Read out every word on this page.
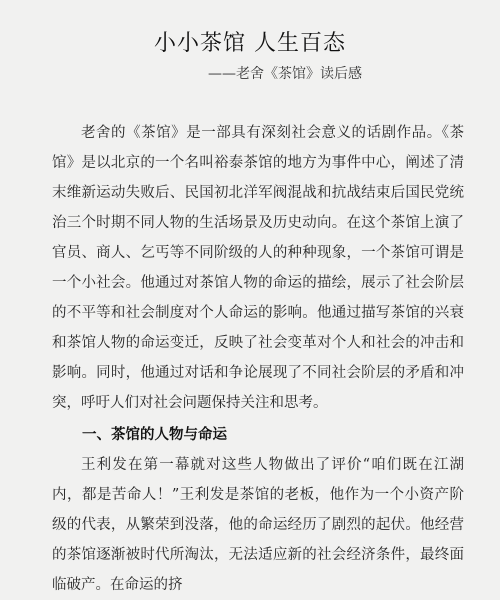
小小茶馆 人生百态
——老舍《茶馆》读后感

老舍的《茶馆》是一部具有深刻社会意义的话剧作品。《茶馆》是以北京的一个名叫裕泰茶馆的地方为事件中心，阐述了清末维新运动失败后、民国初北洋军阀混战和抗战结束后国民党统治三个时期不同人物的生活场景及历史动向。在这个茶馆上演了官员、商人、乞丐等不同阶级的人的种种现象，一个茶馆可谓是一个小社会。他通过对茶馆人物的命运的描绘，展示了社会阶层的不平等和社会制度对个人命运的影响。他通过描写茶馆的兴衰和茶馆人物的命运变迁，反映了社会变革对个人和社会的冲击和影响。同时，他通过对话和争论展现了不同社会阶层的矛盾和冲突，呼吁人们对社会问题保持关注和思考。

一、茶馆的人物与命运

王利发在第一幕就对这些人物做出了评价“咱们既在江湖内，都是苦命人！”王利发是茶馆的老板，他作为一个小资产阶级的代表，从繁荣到没落，他的命运经历了剧烈的起伏。他经营的茶馆逐渐被时代所淘汰，无法适应新的社会经济条件，最终面临破产。在命运的挤
